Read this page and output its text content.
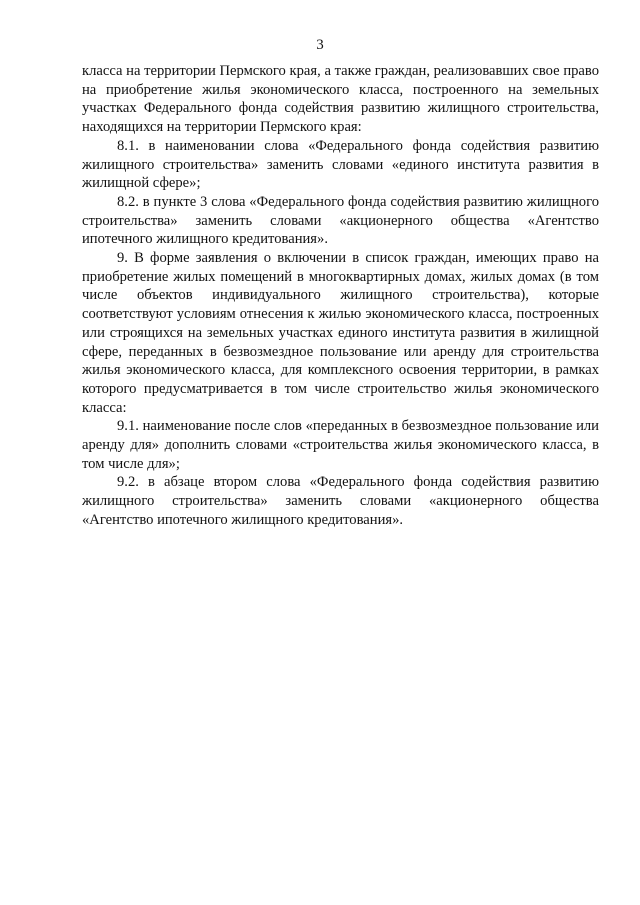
3

класса на территории Пермского края, а также граждан, реализовавших свое право на приобретение жилья экономического класса, построенного на земельных участках Федерального фонда содействия развитию жилищного строительства, находящихся на территории Пермского края:

8.1. в наименовании слова «Федерального фонда содействия развитию жилищного строительства» заменить словами «единого института развития в жилищной сфере»;

8.2. в пункте 3 слова «Федерального фонда содействия развитию жилищного строительства» заменить словами «акционерного общества «Агентство ипотечного жилищного кредитования».

9. В форме заявления о включении в список граждан, имеющих право на приобретение жилых помещений в многоквартирных домах, жилых домах (в том числе объектов индивидуального жилищного строительства), которые соответствуют условиям отнесения к жилью экономического класса, построенных или строящихся на земельных участках единого института развития в жилищной сфере, переданных в безвозмездное пользование или аренду для строительства жилья экономического класса, для комплексного освоения территории, в рамках которого предусматривается в том числе строительство жилья экономического класса:

9.1. наименование после слов «переданных в безвозмездное пользование или аренду для» дополнить словами «строительства жилья экономического класса, в том числе для»;

9.2. в абзаце втором слова «Федерального фонда содействия развитию жилищного строительства» заменить словами «акционерного общества «Агентство ипотечного жилищного кредитования».
